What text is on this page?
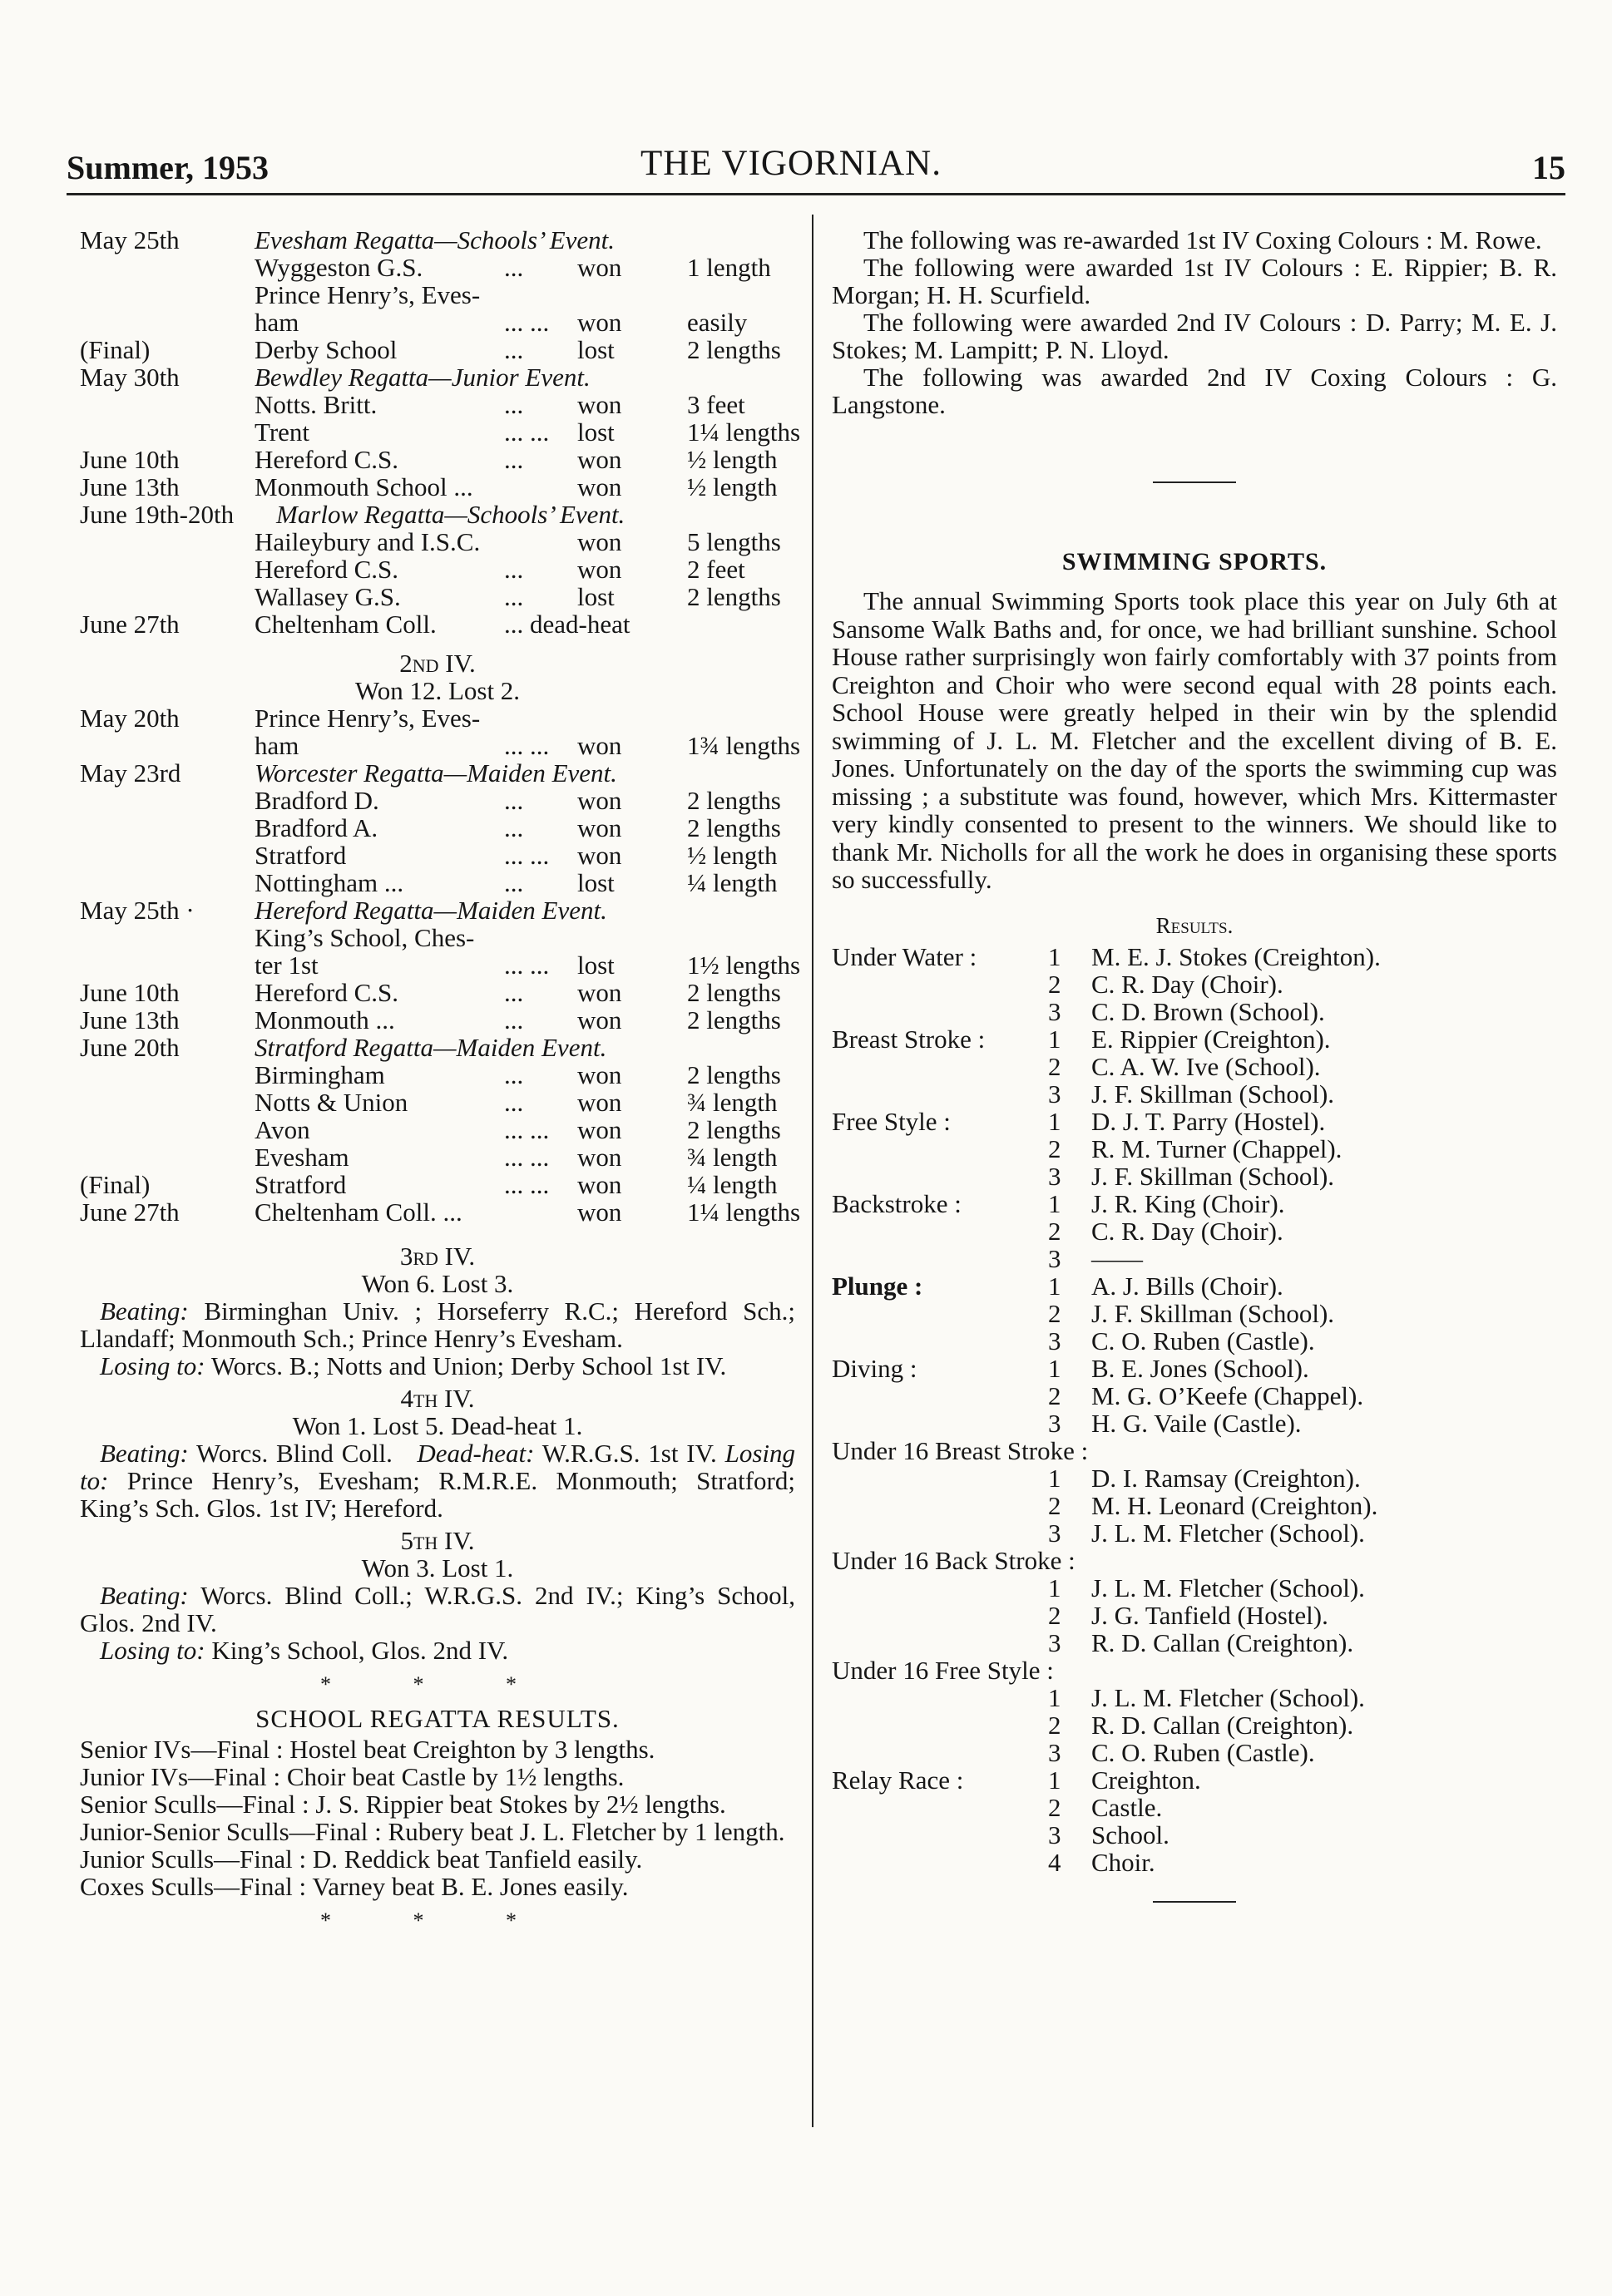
Summer, 1953	THE VIGORNIAN.	15
May 25th	Evesham Regatta—Schools’ Event.
Wyggeston G.S.	... won	1 length
Prince Henry’s, Eves-
ham	... ... won	easily
(Final)	Derby School	... lost	2 lengths
May 30th	Bewdley Regatta—Junior Event.
Notts. Britt.	... won	3 feet
Trent	... ... lost	1¼ lengths
June 10th	Hereford C.S.	... won	½ length
June 13th	Monmouth School ...	won	½ length
June 19th-20th Marlow Regatta—Schools’ Event.
Haileybury and I.S.C.	won	5 lengths
Hereford C.S.	... won	2 feet
Wallasey G.S.	... lost	2 lengths
June 27th	Cheltenham Coll.	... dead-heat
2nd IV.
Won 12. Lost 2.
May 20th	Prince Henry’s, Eves-
ham	... ... won	1¾ lengths
May 23rd	Worcester Regatta—Maiden Event.
Bradford D.	... won	2 lengths
Bradford A.	... won	2 lengths
Stratford	... ... won	½ length
Nottingham ...	... lost	¼ length
May 25th · Hereford Regatta—Maiden Event.
King’s School, Ches-
ter 1st	... ... lost	1½ lengths
June 10th	Hereford C.S.	... won	2 lengths
June 13th	Monmouth ...	... won	2 lengths
June 20th	Stratford Regatta—Maiden Event.
Birmingham	... won	2 lengths
Notts & Union	... won	¾ length
Avon	... ... won	2 lengths
Evesham	... ... won	¾ length
(Final)	Stratford	... ... won	¼ length
June 27th	Cheltenham Coll. ...	won	1¼ lengths
3rd IV.
Won 6. Lost 3.

Beating: Birminghan Univ. ; Horseferry R.C.; Hereford Sch.; Llandaff; Monmouth Sch.; Prince Henry’s Evesham.

Losing to: Worcs. B.; Notts and Union; Derby School 1st IV.

4th IV.
Won 1. Lost 5. Dead-heat 1.

Beating: Worcs. Blind Coll. Dead-heat: W.R.G.S. 1st IV. Losing to: Prince Henry’s, Evesham; R.M.R.E. Monmouth; Stratford; King’s Sch. Glos. 1st IV; Hereford.

5th IV.
Won 3. Lost 1.

Beating: Worcs. Blind Coll.; W.R.G.S. 2nd IV.; King’s School, Glos. 2nd IV.

Losing to: King’s School, Glos. 2nd IV.

* * *
SCHOOL REGATTA RESULTS.

Senior IVs—Final : Hostel beat Creighton by 3 lengths.

Junior IVs—Final : Choir beat Castle by 1½ lengths.

Senior Sculls—Final : J. S. Rippier beat Stokes by 2½ lengths.

Junior-Senior Sculls—Final : Rubery beat J. L. Fletcher by 1 length.

Junior Sculls—Final : D. Reddick beat Tanfield easily.

Coxes Sculls—Final : Varney beat B. E. Jones easily.

* * *

The following was re-awarded 1st IV Coxing Colours : M. Rowe.

The following were awarded 1st IV Colours : E. Rippier; B. R. Morgan; H. H. Scurfield.

The following were awarded 2nd IV Colours : D. Parry; M. E. J. Stokes; M. Lampitt; P. N. Lloyd.

The following was awarded 2nd IV Coxing Colours : G. Langstone.

SWIMMING SPORTS.

The annual Swimming Sports took place this year on July 6th at Sansome Walk Baths and, for once, we had brilliant sunshine. School House rather surprisingly won fairly comfortably with 37 points from Creighton and Choir who were second equal with 28 points each. School House were greatly helped in their win by the splendid swimming of J. L. M. Fletcher and the excellent diving of B. E. Jones. Unfortunately on the day of the sports the swimming cup was missing ; a substitute was found, however, which Mrs. Kittermaster very kindly consented to present to the winners. We should like to thank Mr. Nicholls for all the work he does in organising these sports so successfully.

Results.
Under Water :	1 M. E. J. Stokes (Creighton).
2 C. R. Day (Choir).
3 C. D. Brown (School).
Breast Stroke : 1 E. Rippier (Creighton).
2 C. A. W. Ive (School).
3 J. F. Skillman (School).
Free Style :	1 D. J. T. Parry (Hostel).
2 R. M. Turner (Chappel).
3 J. F. Skillman (School).
Backstroke :	1 J. R. King (Choir).
2 C. R. Day (Choir).
3 ——
Plunge :	1 A. J. Bills (Choir).
2 J. F. Skillman (School).
3 C. O. Ruben (Castle).
Diving :	1 B. E. Jones (School).
2 M. G. O’Keefe (Chappel).
3 H. G. Vaile (Castle).
Under 16 Breast Stroke :
1 D. I. Ramsay (Creighton).
2 M. H. Leonard (Creighton).
3 J. L. M. Fletcher (School).
Under 16 Back Stroke :
1 J. L. M. Fletcher (School).
2 J. G. Tanfield (Hostel).
3 R. D. Callan (Creighton).
Under 16 Free Style :
1 J. L. M. Fletcher (School).
2 R. D. Callan (Creighton).
3 C. O. Ruben (Castle).
Relay Race :	1 Creighton.
2 Castle.
3 School.
4 Choir.
